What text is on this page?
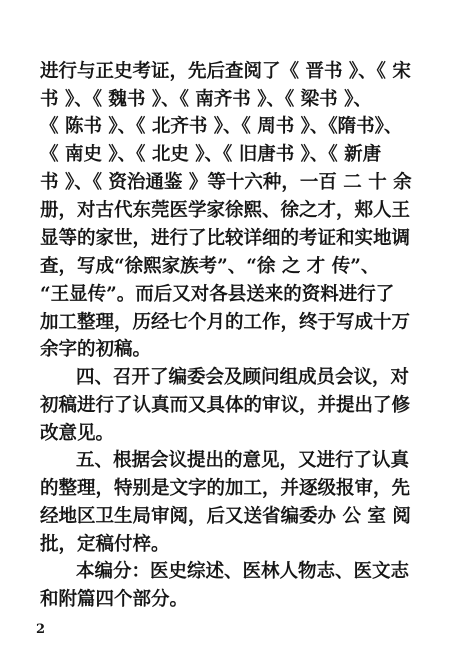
进行与正史考证，先后查阅了《 晋书 》、《 宋
书 》、《 魏书 》、《 南齐书 》、《 梁书 》、
《 陈书 》、《 北齐书 》、《 周书 》、《隋书》、
《 南史 》、《 北史 》、《 旧唐书 》、《 新唐
书 》、《 资治通鉴 》等十六种，一百 二 十 余
册，对古代东莞医学家徐熙、徐之才，郏人王
显等的家世，进行了比较详细的考证和实地调
查，写成“徐熙家族考”、“徐 之 才 传”、
“王显传”。而后又对各县送来的资料进行了
加工整理，历经七个月的工作，终于写成十万
余字的初稿。
四、召开了编委会及顾问组成员会议，对
初稿进行了认真而又具体的审议，并提出了修
改意见。
五、根据会议提出的意见，又进行了认真
的整理，特别是文字的加工，并逐级报审，先
经地区卫生局审阅，后又送省编委办 公 室 阅
批，定稿付梓。
本编分：医史综述、医林人物志、医文志
和附篇四个部分。
2
